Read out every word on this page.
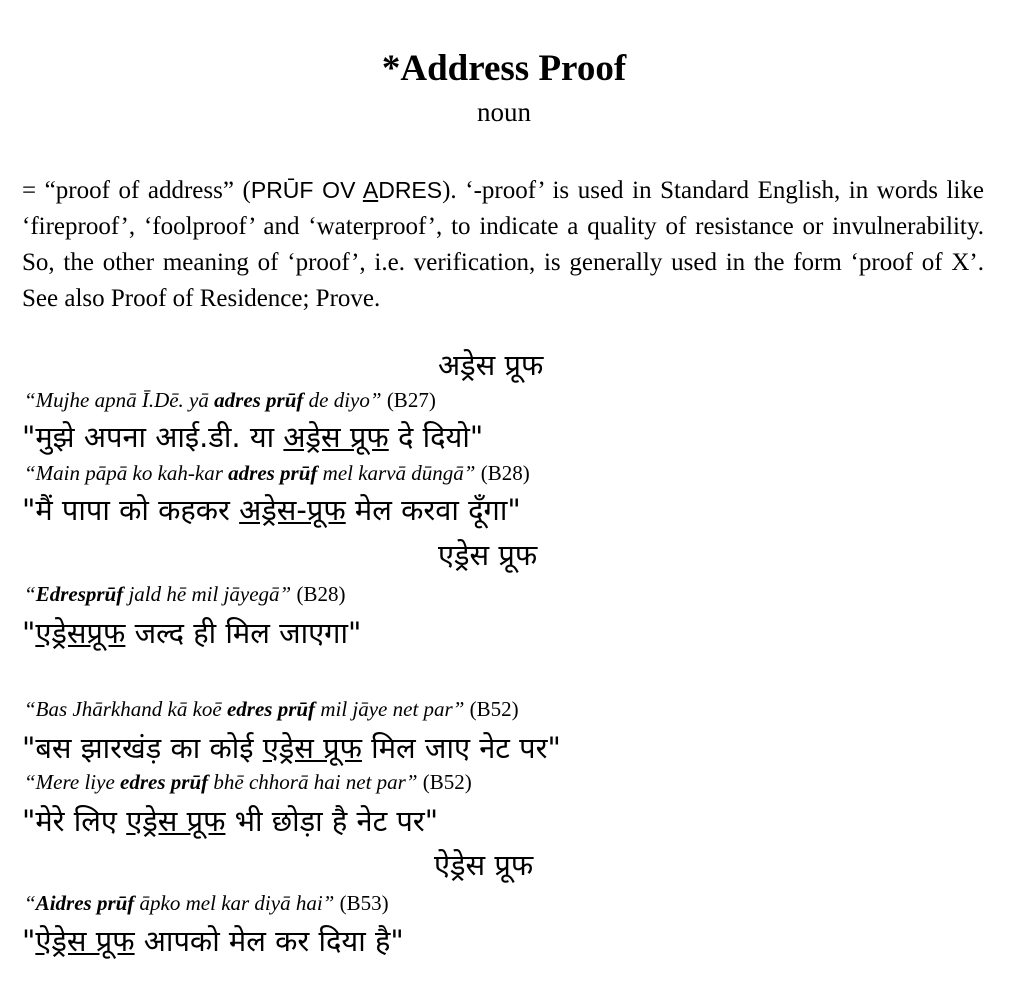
*Address Proof
noun
= “proof of address” (PRŪF OV ADRES). ‘-proof’ is used in Standard English, in words like ‘fireproof’, ‘foolproof’ and ‘waterproof’, to indicate a quality of resistance or invulnerability. So, the other meaning of ‘proof’, i.e. verification, is generally used in the form ‘proof of X’. See also Proof of Residence; Prove.
अड्रेस प्रूफ
“Mujhe apnā Ī.Dē. yā adres prūf de diyo” (B27)
"मुझे अपना आई.डी. या अड्रेस प्रूफ दे दियो"
“Main pāpā ko kah-kar adres prūf mel karvā dūngā” (B28)
"मैं पापा को कहकर अड्रेस-प्रूफ मेल करवा दूँगा"
एड्रेस प्रूफ
“Edresprūf jald hē mil jāyegā” (B28)
"एड्रेसप्रूफ जल्द ही मिल जाएगा"
“Bas Jhārkhand kā koē edres prūf mil jāye net par” (B52)
"बस झारखंड़ का कोई एड्रेस प्रूफ मिल जाए नेट पर"
“Mere liye edres prūf bhē chhorā hai net par” (B52)
"मेरे लिए एड्रेस प्रूफ भी छोड़ा है नेट पर"
ऐड्रेस प्रूफ
“Aidres prūf āpko mel kar diyā hai” (B53)
"ऐड्रेस प्रूफ आपको मेल कर दिया है"
